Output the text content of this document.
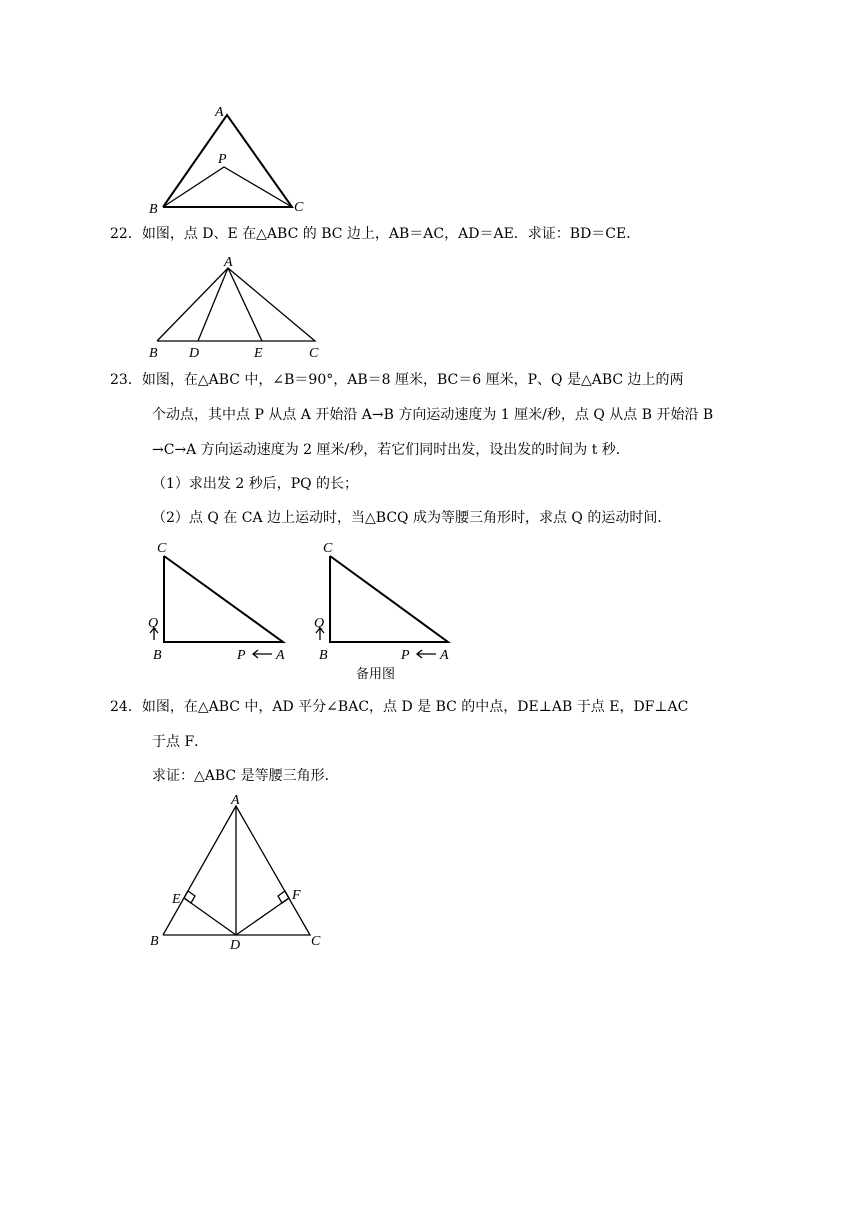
A
P
B	C
22．如图，点 D、E 在△ABC 的 BC 边上，AB＝AC，AD＝AE．求证：BD＝CE．
A
B D	E	C
23．如图，在△ABC 中，∠B＝90°，AB＝8 厘米，BC＝6 厘米，P、Q 是△ABC 边上的两
个动点，其中点 P 从点 A 开始沿 A→B 方向运动速度为 1 厘米/秒，点 Q 从点 B 开始沿 B
→C→A 方向运动速度为 2 厘米/秒，若它们同时出发，设出发的时间为 t 秒．
（1）求出发 2 秒后，PQ 的长；
（2）点 Q 在 CA 边上运动时，当△BCQ 成为等腰三角形时，求点 Q 的运动时间．
C
Q
B	P A
C
Q
B	P A
备用图
24．如图，在△ABC 中，AD 平分∠BAC，点 D 是 BC 的中点，DE⊥AB 于点 E，DF⊥AC
于点 F．
求证：△ABC 是等腰三角形．
A
E	F
B	D	C
